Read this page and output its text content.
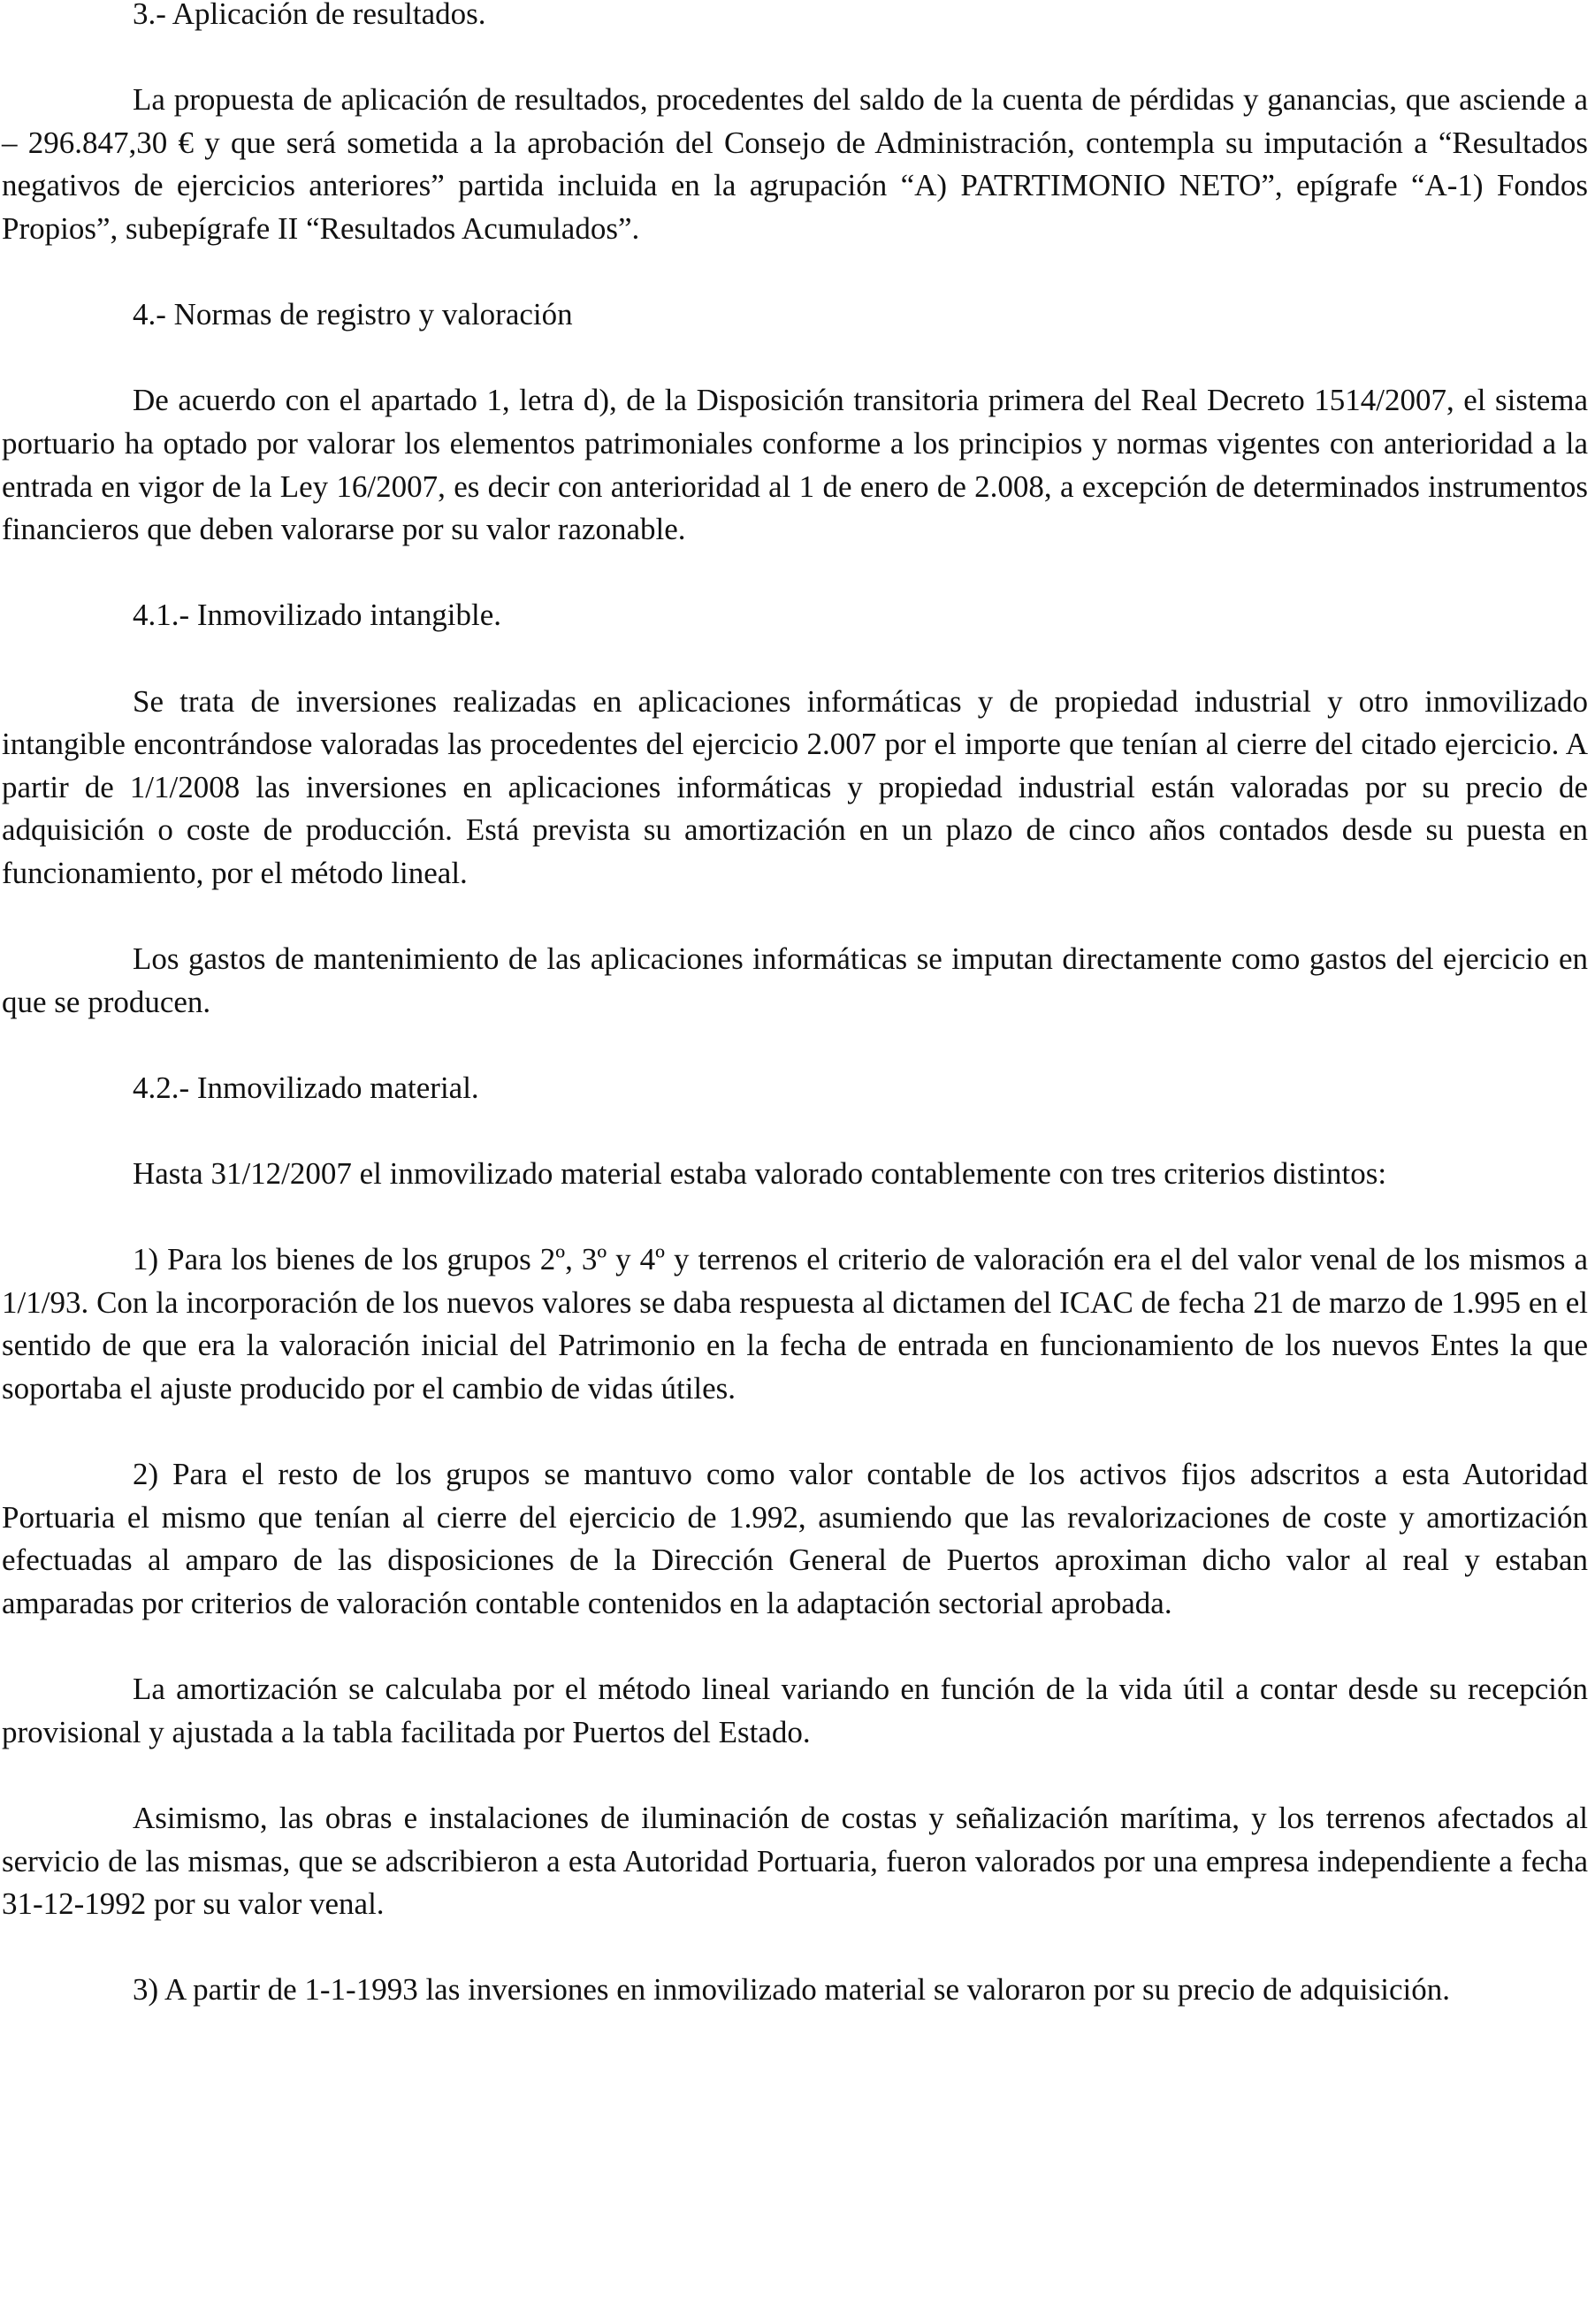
3.- Aplicación de resultados.

La propuesta de aplicación de resultados, procedentes del saldo de la cuenta de pérdidas y ganancias, que asciende a – 296.847,30 € y que será sometida a la aprobación del Consejo de Administración, contempla su imputación a “Resultados negativos de ejercicios anteriores” partida incluida en la agrupación “A) PATRTIMONIO NETO”, epígrafe “A-1) Fondos Propios”, subepígrafe II “Resultados Acumulados”.

4.- Normas de registro y valoración

De acuerdo con el apartado 1, letra d), de la Disposición transitoria primera del Real Decreto 1514/2007, el sistema portuario ha optado por valorar los elementos patrimoniales conforme a los principios y normas vigentes con anterioridad a la entrada en vigor de la Ley 16/2007, es decir con anterioridad al 1 de enero de 2.008, a excepción de determinados instrumentos financieros que deben valorarse por su valor razonable.

4.1.- Inmovilizado intangible.

Se trata de inversiones realizadas en aplicaciones informáticas y de propiedad industrial y otro inmovilizado intangible encontrándose valoradas las procedentes del ejercicio 2.007 por el importe que tenían al cierre del citado ejercicio. A partir de 1/1/2008 las inversiones en aplicaciones informáticas y propiedad industrial están valoradas por su precio de adquisición o coste de producción. Está prevista su amortización en un plazo de cinco años contados desde su puesta en funcionamiento, por el método lineal.

Los gastos de mantenimiento de las aplicaciones informáticas se imputan directamente como gastos del ejercicio en que se producen.

4.2.- Inmovilizado material.

Hasta 31/12/2007 el inmovilizado material estaba valorado contablemente con tres criterios distintos:

1) Para los bienes de los grupos 2º, 3º y 4º y terrenos el criterio de valoración era el del valor venal de los mismos a 1/1/93. Con la incorporación de los nuevos valores se daba respuesta al dictamen del ICAC de fecha 21 de marzo de 1.995 en el sentido de que era la valoración inicial del Patrimonio en la fecha de entrada en funcionamiento de los nuevos Entes la que soportaba el ajuste producido por el cambio de vidas útiles.

2) Para el resto de los grupos se mantuvo como valor contable de los activos fijos adscritos a esta Autoridad Portuaria el mismo que tenían al cierre del ejercicio de 1.992, asumiendo que las revalorizaciones de coste y amortización efectuadas al amparo de las disposiciones de la Dirección General de Puertos aproximan dicho valor al real y estaban amparadas por criterios de valoración contable contenidos en la adaptación sectorial aprobada.

La amortización se calculaba por el método lineal variando en función de la vida útil a contar desde su recepción provisional y ajustada a la tabla facilitada por Puertos del Estado.

Asimismo, las obras e instalaciones de iluminación de costas y señalización marítima, y los terrenos afectados al servicio de las mismas, que se adscribieron a esta Autoridad Portuaria, fueron valorados por una empresa independiente a fecha 31-12-1992 por su valor venal.

3) A partir de 1-1-1993 las inversiones en inmovilizado material se valoraron por su precio de adquisición.
